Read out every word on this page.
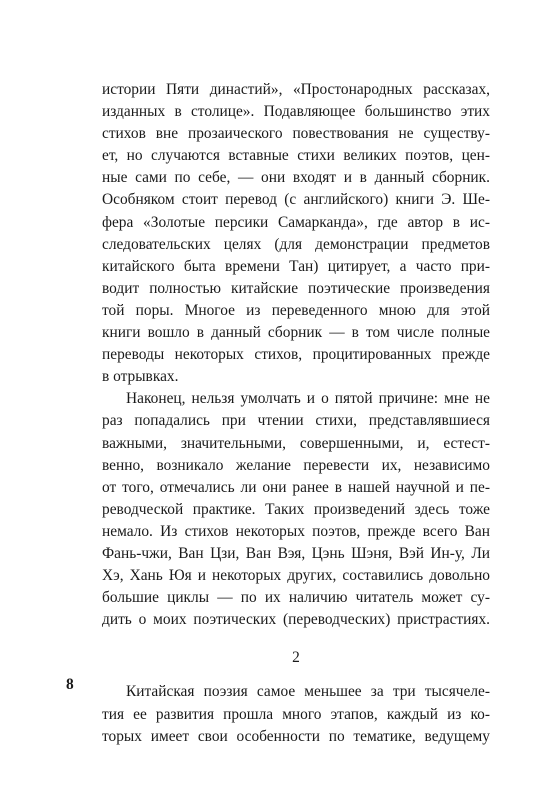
истории Пяти династий», «Простонародных рассказах,
изданных в столице». Подавляющее большинство этих
стихов вне прозаического повествования не существу-
ет, но случаются вставные стихи великих поэтов, цен-
ные сами по себе, — они входят и в данный сборник.
Особняком стоит перевод (с английского) книги Э. Ше-
фера «Золотые персики Самарканда», где автор в ис-
следовательских целях (для демонстрации предметов
китайского быта времени Тан) цитирует, а часто при-
водит полностью китайские поэтические произведения
той поры. Многое из переведенного мною для этой
книги вошло в данный сборник — в том числе полные
переводы некоторых стихов, процитированных прежде
в отрывках.
Наконец, нельзя умолчать и о пятой причине: мне не
раз попадались при чтении стихи, представлявшиеся
важными, значительными, совершенными, и, естест-
венно, возникало желание перевести их, независимо
от того, отмечались ли они ранее в нашей научной и пе-
реводческой практике. Таких произведений здесь тоже
немало. Из стихов некоторых поэтов, прежде всего Ван
Фань-чжи, Ван Цзи, Ван Вэя, Цэнь Шэня, Вэй Ин-у, Ли
Хэ, Хань Юя и некоторых других, составились довольно
большие циклы — по их наличию читатель может су-
дить о моих поэтических (переводческих) пристрастиях.
2
Китайская поэзия самое меньшее за три тысячеле-
тия ее развития прошла много этапов, каждый из ко-
торых имеет свои особенности по тематике, ведущему
8
